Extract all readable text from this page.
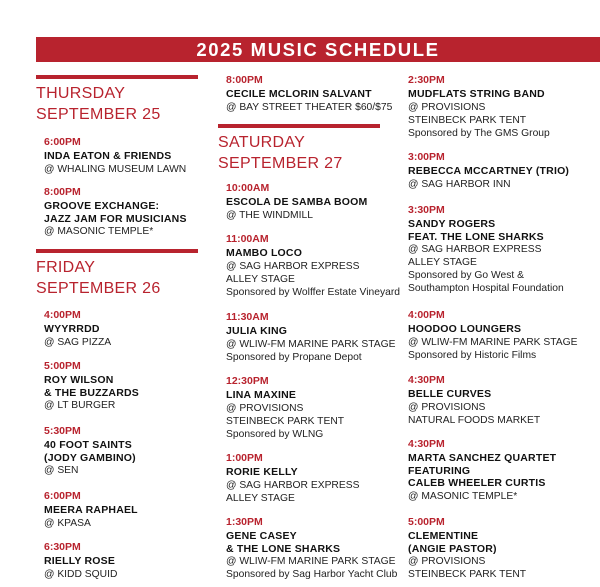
2025 MUSIC SCHEDULE
THURSDAY
SEPTEMBER 25
6:00PM
INDA EATON & FRIENDS
@ WHALING MUSEUM LAWN
8:00PM
GROOVE EXCHANGE:
JAZZ JAM FOR MUSICIANS
@ MASONIC TEMPLE*
FRIDAY
SEPTEMBER 26
4:00PM
WYYRRDD
@ SAG PIZZA
5:00PM
ROY WILSON
& THE BUZZARDS
@ LT BURGER
5:30PM
40 FOOT SAINTS
(JODY GAMBINO)
@ SEN
6:00PM
MEERA RAPHAEL
@ KPASA
6:30PM
RIELLY ROSE
@ KIDD SQUID
8:00PM
CECILE MCLORIN SALVANT
@ BAY STREET THEATER $60/$75
SATURDAY
SEPTEMBER 27
10:00AM
ESCOLA DE SAMBA BOOM
@ THE WINDMILL
11:00AM
MAMBO LOCO
@ SAG HARBOR EXPRESS
ALLEY STAGE
Sponsored by Wolffer Estate Vineyard
11:30AM
JULIA KING
@ WLIW-FM MARINE PARK STAGE
Sponsored by Propane Depot
12:30PM
LINA MAXINE
@ PROVISIONS
STEINBECK PARK TENT
Sponsored by WLNG
1:00PM
RORIE KELLY
@ SAG HARBOR EXPRESS
ALLEY STAGE
1:30PM
GENE CASEY
& THE LONE SHARKS
@ WLIW-FM MARINE PARK STAGE
Sponsored by Sag Harbor Yacht Club
2:30PM
MUDFLATS STRING BAND
@ PROVISIONS
STEINBECK PARK TENT
Sponsored by The GMS Group
3:00PM
REBECCA MCCARTNEY (TRIO)
@ SAG HARBOR INN
3:30PM
SANDY ROGERS
FEAT. THE LONE SHARKS
@ SAG HARBOR EXPRESS
ALLEY STAGE
Sponsored by Go West &
Southampton Hospital Foundation
4:00PM
HOODOO LOUNGERS
@ WLIW-FM MARINE PARK STAGE
Sponsored by Historic Films
4:30PM
BELLE CURVES
@ PROVISIONS
NATURAL FOODS MARKET
4:30PM
MARTA SANCHEZ QUARTET
FEATURING
CALEB WHEELER CURTIS
@ MASONIC TEMPLE*
5:00PM
CLEMENTINE
(ANGIE PASTOR)
@ PROVISIONS
STEINBECK PARK TENT
